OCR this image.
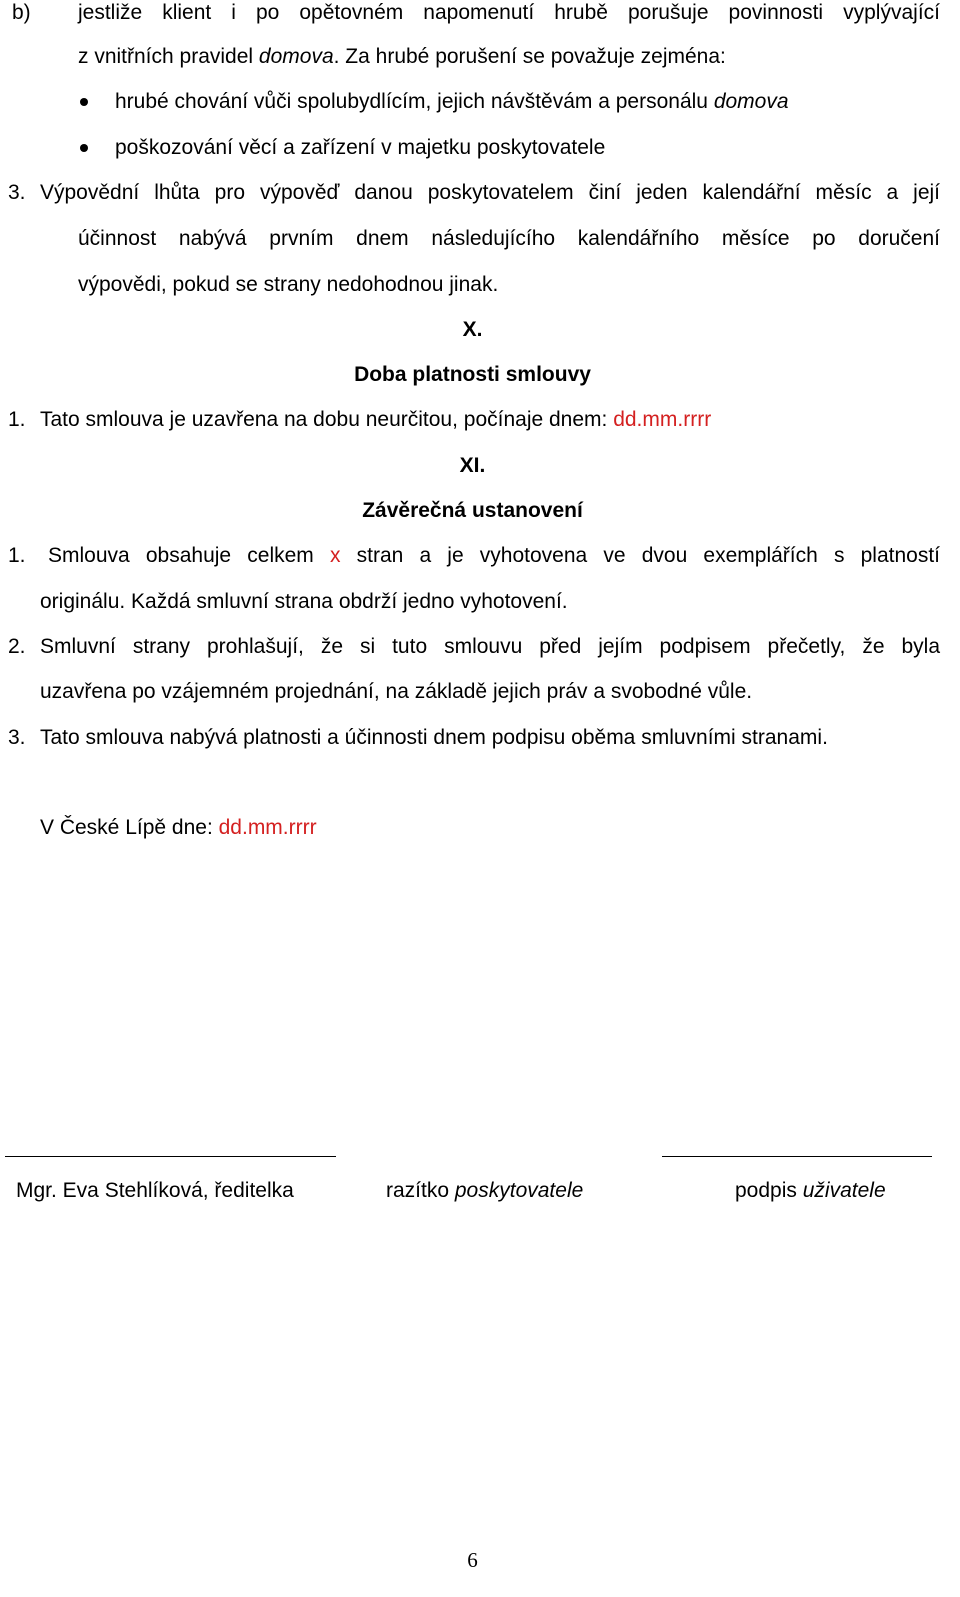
b) jestliže klient i po opětovném napomenutí hrubě porušuje povinnosti vyplývající
z vnitřních pravidel domova. Za hrubé porušení se považuje zejména:
hrubé chování vůči spolubydlícím, jejich návštěvám a personálu domova
poškozování věcí a zařízení v majetku poskytovatele
3. Výpovědní lhůta pro výpověď danou poskytovatelem činí jeden kalendářní měsíc a její
účinnost nabývá prvním dnem následujícího kalendářního měsíce po doručení
výpovědi, pokud se strany nedohodnou jinak.
X.
Doba platnosti smlouvy
1. Tato smlouva je uzavřena na dobu neurčitou, počínaje dnem: dd.mm.rrrr
XI.
Závěrečná ustanovení
1. Smlouva obsahuje celkem x stran a je vyhotovena ve dvou exemplářích s platností
originálu. Každá smluvní strana obdrží jedno vyhotovení.
2. Smluvní strany prohlašují, že si tuto smlouvu před jejím podpisem přečetly, že byla
uzavřena po vzájemném projednání, na základě jejich práv a svobodné vůle.
3. Tato smlouva nabývá platnosti a účinnosti dnem podpisu oběma smluvními stranami.
V České Lípě dne: dd.mm.rrrr
Mgr. Eva Stehlíková, ředitelka	razítko poskytovatele	podpis uživatele
6
